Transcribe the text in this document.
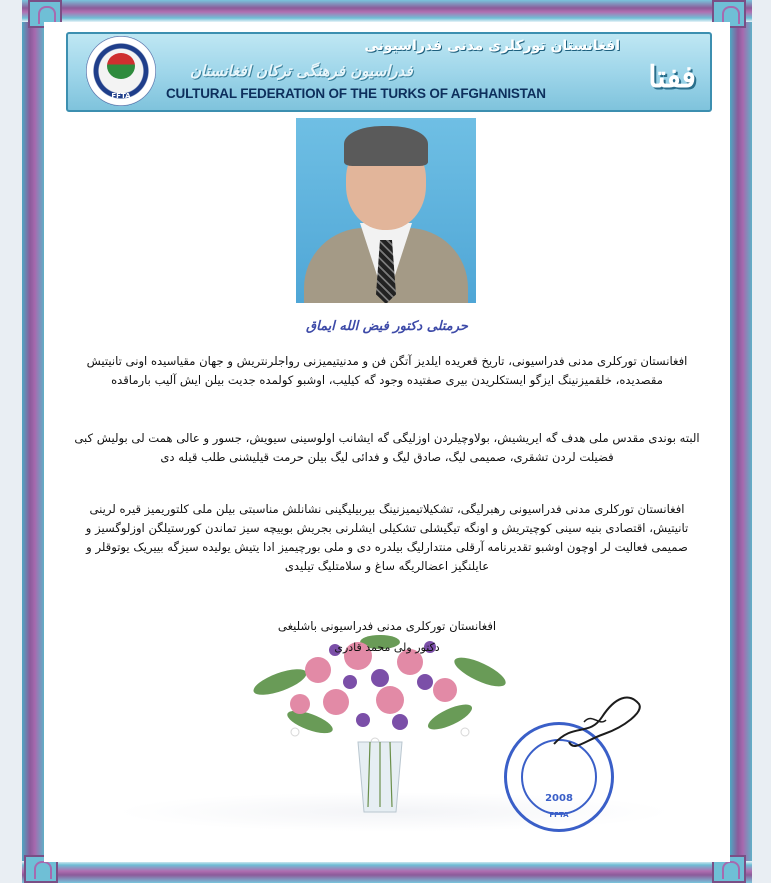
FFTA
افغانستان تورکلری مدنی فدراسیونی
فدراسیون فرهنگی ترکان افغانستان
CULTURAL FEDERATION OF THE TURKS OF AFGHANISTAN	ففتا
حرمتلی دکتور فیض الله ایماق

افغانستان تورکلری مدنی فدراسیونی، تاریخ قعریده ایلدیز آتگن فن و مدنیتیمیزنی رواجلرنتریش و جهان مقیاسیده اونی تانیتیش مقصدیده، خلقمیزنینگ ایزگو ایستکلریدن بیری صفتیده وجود گه کیلیب، اوشبو کولمده جدیت بیلن ایش آلیب بارماقده

البته بوندی مقدس ملی هدف گه ایریشیش، بولاوچیلردن اوزلیگی گه ایشانب اولوسینی سیویش، جسور و عالی همت لی بولیش کبی فضیلت لردن تشقری، صمیمی لیگ، صادق لیگ و فدائی لیگ بیلن حرمت قیلیشنی طلب قیله دی

افغانستان تورکلری مدنی فدراسیونی رهبرلیگی، تشکیلاتیمیزنینگ بیربیلیگینی نشانلش مناسبتی بیلن ملی کلتوریمیز قیره لرینی تانیتیش، اقتصادی بنیه سینی کوچیتریش و اونگه تیگیشلی تشکیلی ایشلرنی بجریش بوییچه سیز تماندن کورستیلگن اوزلوگسیز و صمیمی فعالیت لر اوچون اوشبو تقدیرنامه آرقلی منتدارلیگ بیلدره دی و ملی بورچیمیز ادا یتیش یولیده سیزگه بییریک یوتوقلر و عایلنگیز اعضالریگه ساغ و سلامتلیگ تیلیدی

افغانستان تورکلری مدنی فدراسیونی باشلیغی
دکتور ولی محمد قادری
2008
FFTA
